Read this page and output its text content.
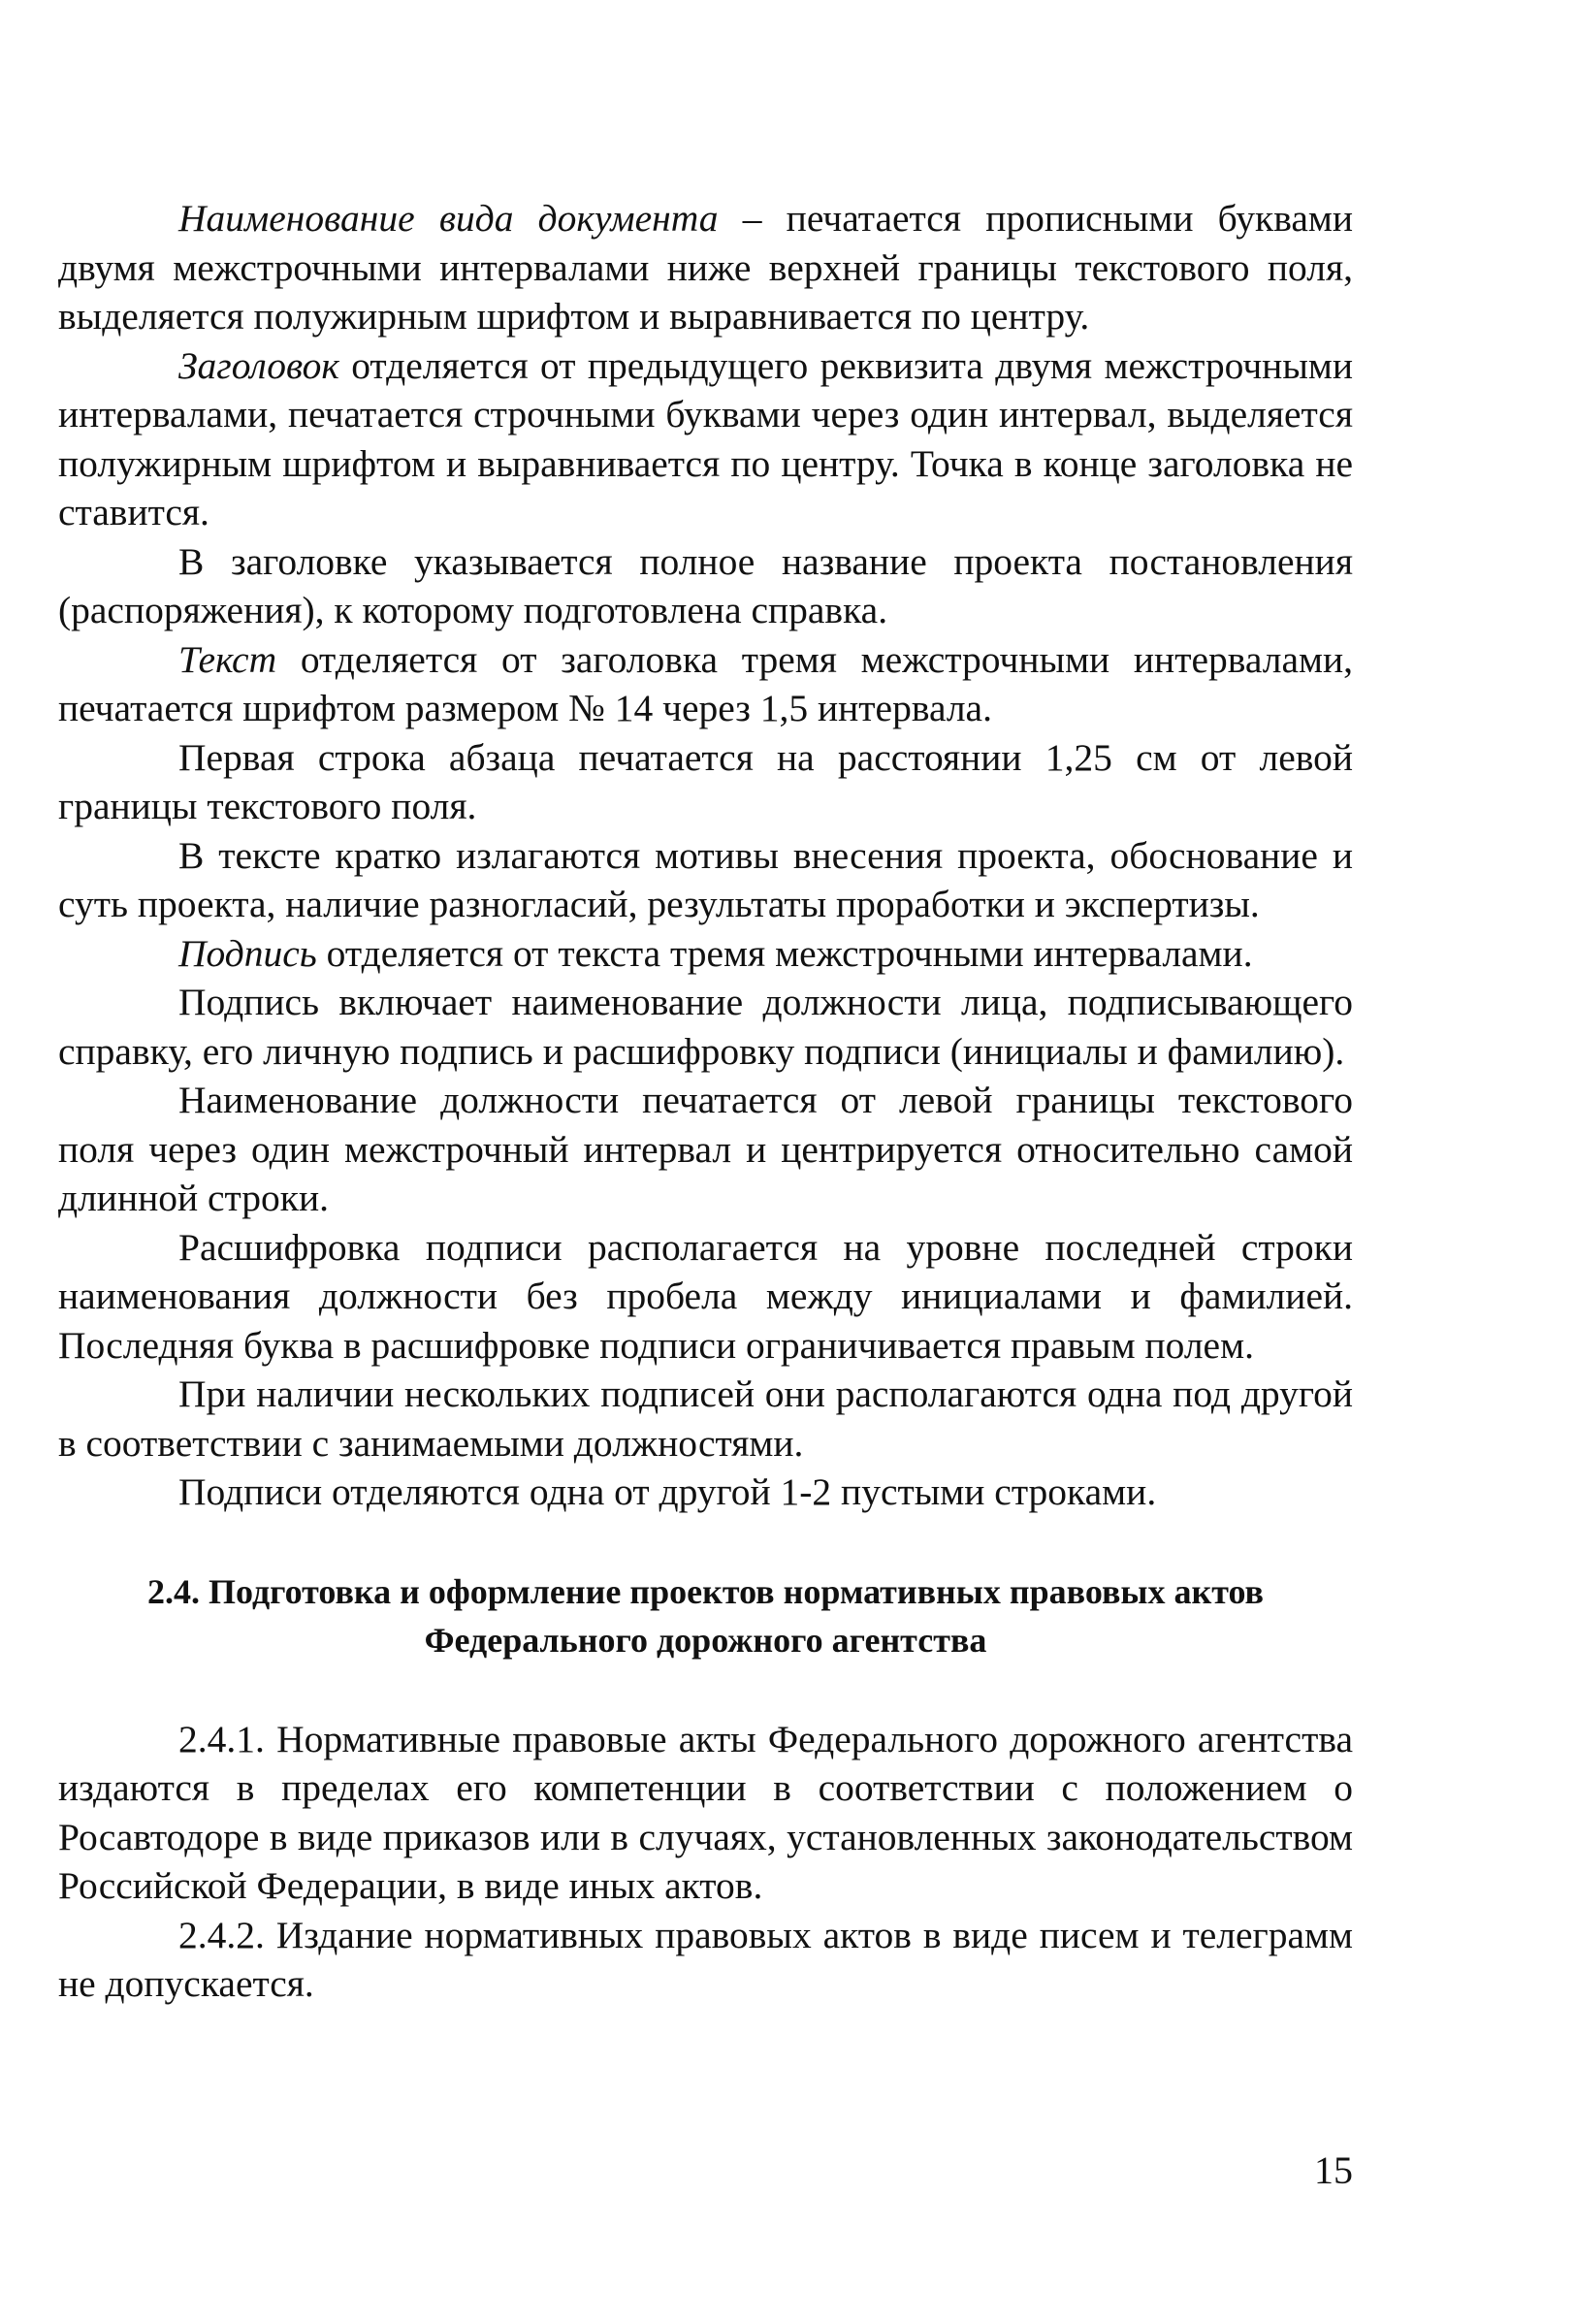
Наименование вида документа – печатается прописными буквами двумя межстрочными интервалами ниже верхней границы текстового поля, выделяется полужирным шрифтом и выравнивается по центру.

Заголовок отделяется от предыдущего реквизита двумя межстрочными интервалами, печатается строчными буквами через один интервал, выделяется полужирным шрифтом и выравнивается по центру. Точка в конце заголовка не ставится.

В заголовке указывается полное название проекта постановления (распоряжения), к которому подготовлена справка.

Текст отделяется от заголовка тремя межстрочными интервалами, печатается шрифтом размером № 14 через 1,5 интервала.

Первая строка абзаца печатается на расстоянии 1,25 см от левой границы текстового поля.

В тексте кратко излагаются мотивы внесения проекта, обоснование и суть проекта, наличие разногласий, результаты проработки и экспертизы.

Подпись отделяется от текста тремя межстрочными интервалами.

Подпись включает наименование должности лица, подписывающего справку, его личную подпись и расшифровку подписи (инициалы и фамилию).

Наименование должности печатается от левой границы текстового поля через один межстрочный интервал и центрируется относительно самой длинной строки.

Расшифровка подписи располагается на уровне последней строки наименования должности без пробела между инициалами и фамилией. Последняя буква в расшифровке подписи ограничивается правым полем.

При наличии нескольких подписей они располагаются одна под другой в соответствии с занимаемыми должностями.

Подписи отделяются одна от другой 1-2 пустыми строками.

2.4. Подготовка и оформление проектов нормативных правовых актов
Федерального дорожного агентства

2.4.1. Нормативные правовые акты Федерального дорожного агентства издаются в пределах его компетенции в соответствии с положением о Росавтодоре в виде приказов или в случаях, установленных законодательством Российской Федерации, в виде иных актов.

2.4.2. Издание нормативных правовых актов в виде писем и телеграмм не допускается.

15
